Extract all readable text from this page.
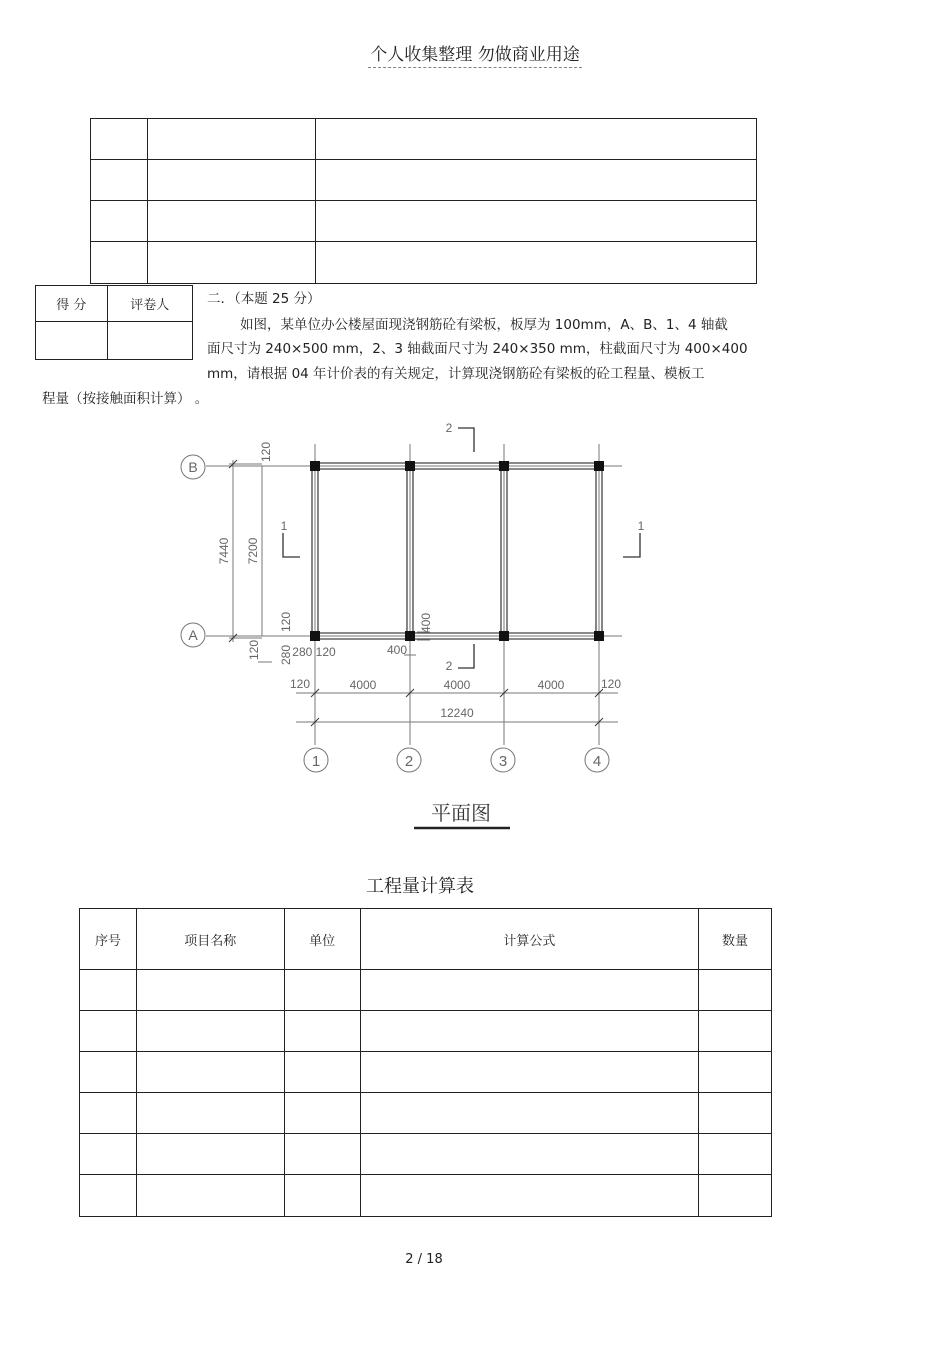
个人收集整理 勿做商业用途

得 分	评卷人
		二．（本题 25 分）
如图，某单位办公楼屋面现浇钢筋砼有梁板，板厚为 100mm，A、B、1、4 轴截
面尺寸为 240×500 mm，2、3 轴截面尺寸为 240×350 mm，柱截面尺寸为 400×400
mm，请根据 04 年计价表的有关规定，计算现浇钢筋砼有梁板的砼工程量、模板工
程量（按接触面积计算） 。
B
A
1	2	3	4
1	1
2
2
120
7440 7200
120
120 280 280 120	400
400
120	4000	4000	4000	120
12240
平面图
工程量计算表
序号	项目名称	单位	计算公式	数量

2 / 18
